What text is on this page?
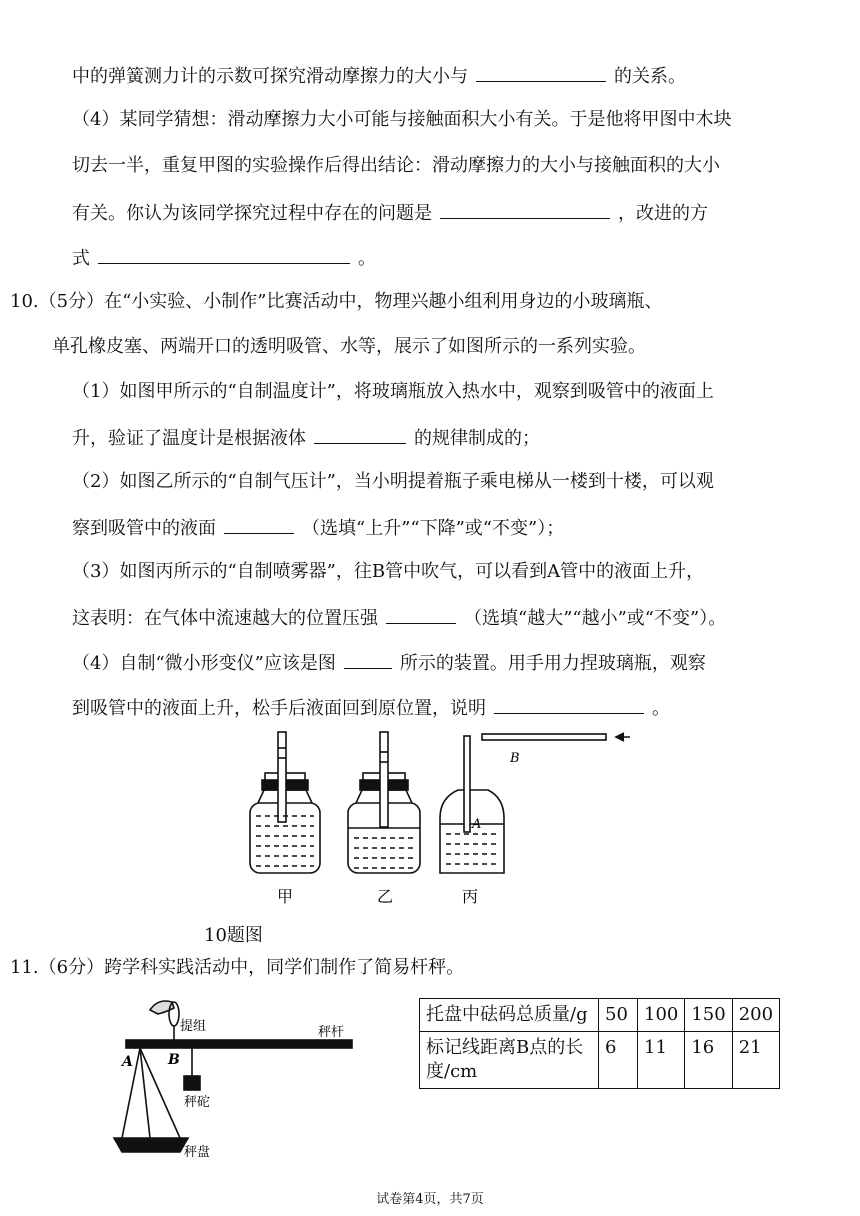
中的弹簧测力计的示数可探究滑动摩擦力的大小与	的关系。
（4）某同学猜想：滑动摩擦力大小可能与接触面积大小有关。于是他将甲图中木块
切去一半，重复甲图的实验操作后得出结论：滑动摩擦力的大小与接触面积的大小
有关。你认为该同学探究过程中存在的问题是	，改进的方
式	。
10.（5分）在“小实验、小制作”比赛活动中，物理兴趣小组利用身边的小玻璃瓶、
单孔橡皮塞、两端开口的透明吸管、水等，展示了如图所示的一系列实验。
（1）如图甲所示的“自制温度计”，将玻璃瓶放入热水中，观察到吸管中的液面上
升，验证了温度计是根据液体	的规律制成的；
（2）如图乙所示的“自制气压计”，当小明提着瓶子乘电梯从一楼到十楼，可以观
察到吸管中的液面	（选填“上升”“下降”或“不变”）；
（3）如图丙所示的“自制喷雾器”，往B管中吹气，可以看到A管中的液面上升，
这表明：在气体中流速越大的位置压强	（选填“越大”“越小”或“不变”）。
（4）自制“微小形变仪”应该是图	所示的装置。用手用力捏玻璃瓶，观察
到吸管中的液面上升，松手后液面回到原位置，说明	。
A
B
甲	乙	丙
10题图
11.（6分）跨学科实践活动中，同学们制作了简易杆秤。
提组	秤杆
A	B
秤砣
秤盘
托盘中砝码总质量/g	50	100	150	200
标记线距离B点的长度/cm	6	11	16	21
试卷第4页，共7页
